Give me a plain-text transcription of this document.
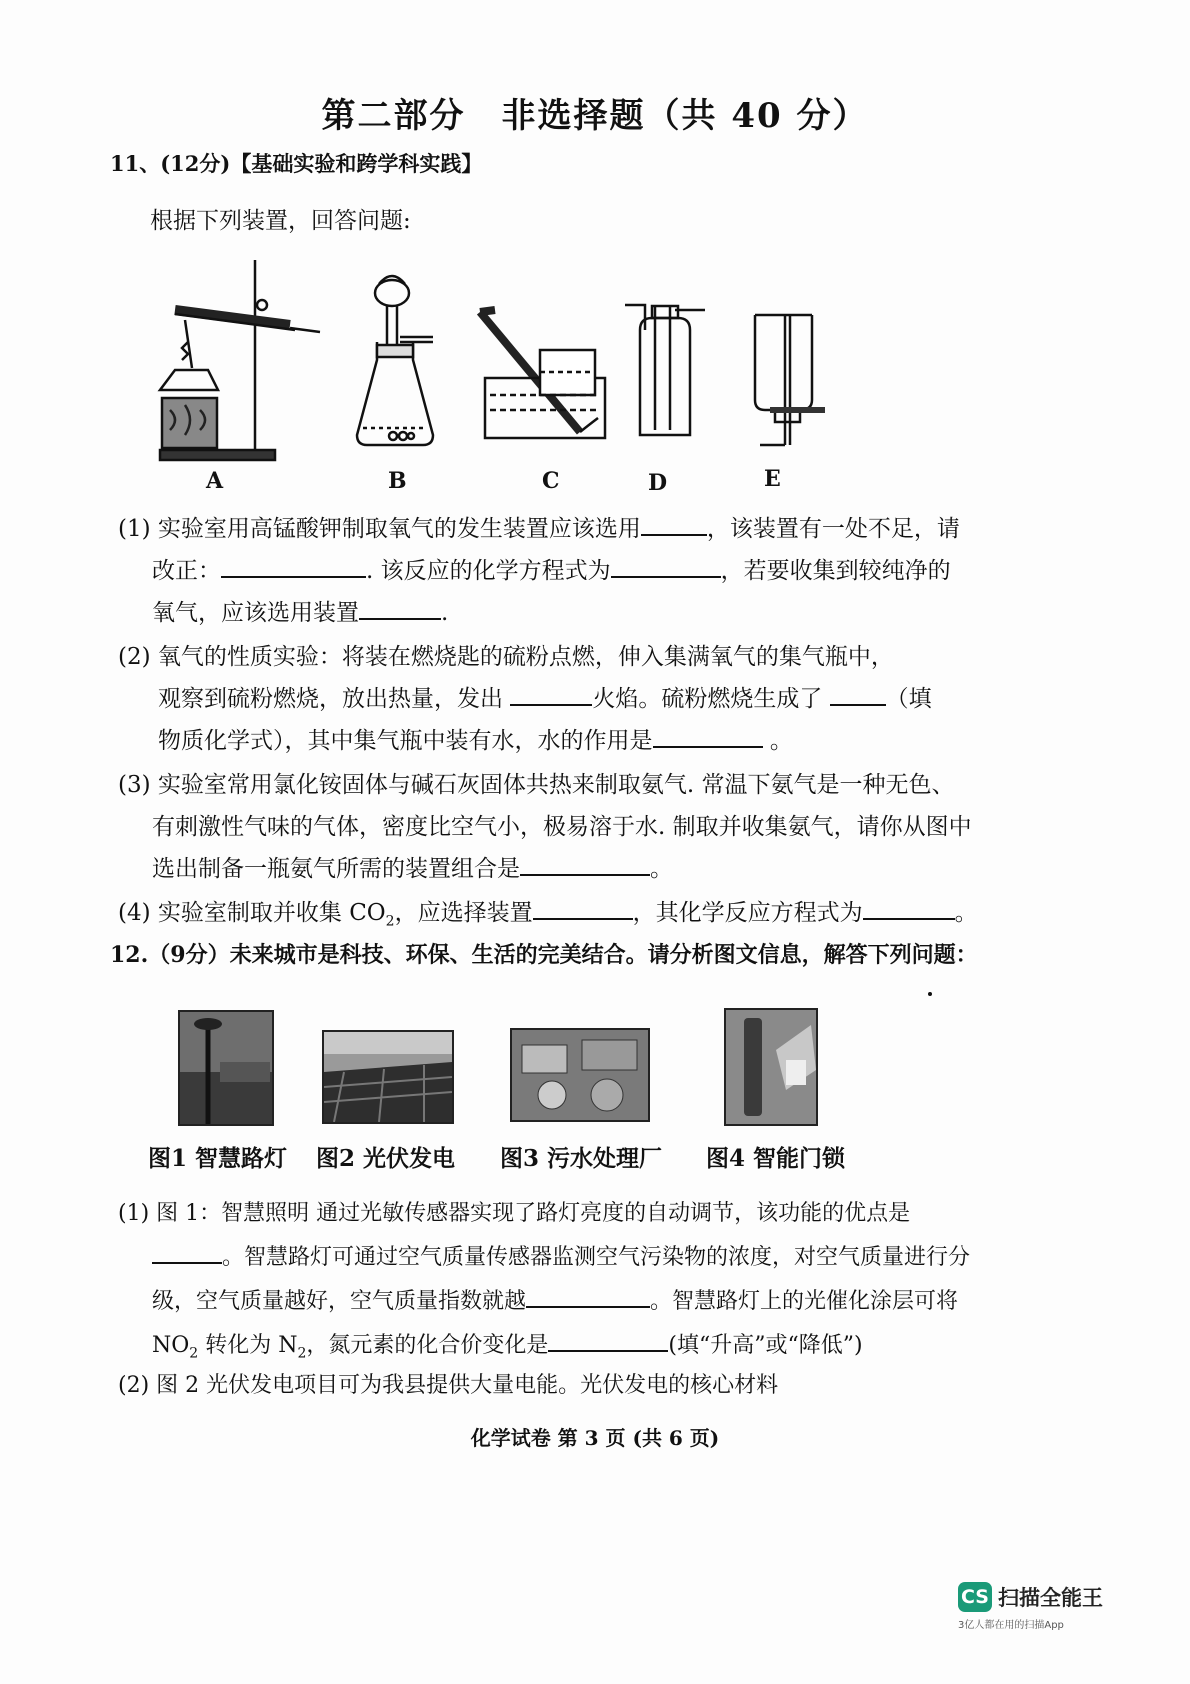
第二部分　非选择题（共 40 分）
11、(12分)【基础实验和跨学科实践】
根据下列装置，回答问题:
A	B	C	D	E
(1) 实验室用高锰酸钾制取氧气的发生装置应该选用	，该装置有一处不足，请
改正：	. 该反应的化学方程式为	，若要收集到较纯净的
氧气，应该选用装置	.
(2) 氧气的性质实验：将装在燃烧匙的硫粉点燃，伸入集满氧气的集气瓶中，
观察到硫粉燃烧，放出热量，发出	火焰。硫粉燃烧生成了	（填
物质化学式），其中集气瓶中装有水，水的作用是	。
(3) 实验室常用氯化铵固体与碱石灰固体共热来制取氨气. 常温下氨气是一种无色、
有刺激性气味的气体，密度比空气小，极易溶于水. 制取并收集氨气，请你从图中
选出制备一瓶氨气所需的装置组合是	。
(4) 实验室制取并收集 $CO_2$，应选择装置	，其化学反应方程式为	。
12.（9分）未来城市是科技、环保、生活的完美结合。请分析图文信息，解答下列问题：
图1 智慧路灯 图2 光伏发电 图3 污水处理厂 图4 智能门锁
(1) 图 1：智慧照明 通过光敏传感器实现了路灯亮度的自动调节，该功能的优点是
。智慧路灯可通过空气质量传感器监测空气污染物的浓度，对空气质量进行分
级，空气质量越好，空气质量指数就越	。智慧路灯上的光催化涂层可将
$NO_2$ 转化为 $N_2$，氮元素的化合价变化是	(填“升高”或“降低”)
(2) 图 2 光伏发电项目可为我县提供大量电能。光伏发电的核心材料
化学试卷 第 3 页 (共 6 页)
CS 扫描全能王
3亿人都在用的扫描App
